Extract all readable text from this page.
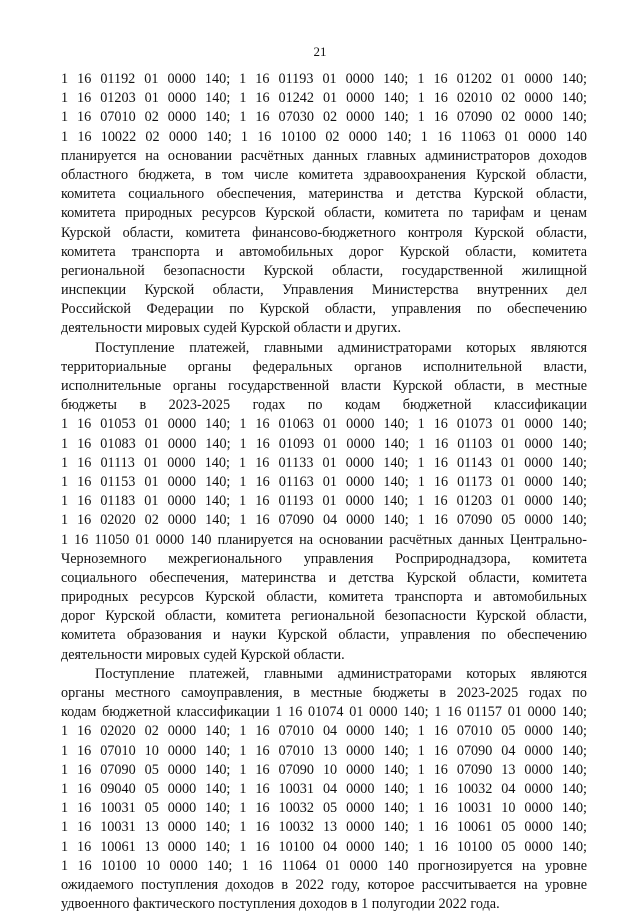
21
1 16 01192 01 0000 140; 1 16 01193 01 0000 140; 1 16 01202 01 0000 140;
1 16 01203 01 0000 140; 1 16 01242 01 0000 140; 1 16 02010 02 0000 140;
1 16 07010 02 0000 140; 1 16 07030 02 0000 140; 1 16 07090 02 0000 140;
1 16 10022 02 0000 140; 1 16 10100 02 0000 140; 1 16 11063 01 0000 140
планируется на основании расчётных данных главных администраторов доходов
областного бюджета, в том числе комитета здравоохранения Курской области,
комитета социального обеспечения, материнства и детства Курской области,
комитета природных ресурсов Курской области, комитета по тарифам и ценам
Курской области, комитета финансово-бюджетного контроля Курской области,
комитета транспорта и автомобильных дорог Курской области, комитета
региональной безопасности Курской области, государственной жилищной
инспекции Курской области, Управления Министерства внутренних дел
Российской Федерации по Курской области, управления по обеспечению
деятельности мировых судей Курской области и других.
Поступление платежей, главными администраторами которых являются
территориальные органы федеральных органов исполнительной власти,
исполнительные органы государственной власти Курской области, в местные
бюджеты в 2023-2025 годах по кодам бюджетной классификации
1 16 01053 01 0000 140; 1 16 01063 01 0000 140; 1 16 01073 01 0000 140;
1 16 01083 01 0000 140; 1 16 01093 01 0000 140; 1 16 01103 01 0000 140;
1 16 01113 01 0000 140; 1 16 01133 01 0000 140; 1 16 01143 01 0000 140;
1 16 01153 01 0000 140; 1 16 01163 01 0000 140; 1 16 01173 01 0000 140;
1 16 01183 01 0000 140; 1 16 01193 01 0000 140; 1 16 01203 01 0000 140;
1 16 02020 02 0000 140; 1 16 07090 04 0000 140; 1 16 07090 05 0000 140;
1 16 11050 01 0000 140 планируется на основании расчётных данных Центрально-
Черноземного межрегионального управления Росприроднадзора, комитета
социального обеспечения, материнства и детства Курской области, комитета
природных ресурсов Курской области, комитета транспорта и автомобильных
дорог Курской области, комитета региональной безопасности Курской области,
комитета образования и науки Курской области, управления по обеспечению
деятельности мировых судей Курской области.
Поступление платежей, главными администраторами которых являются
органы местного самоуправления, в местные бюджеты в 2023-2025 годах по
кодам бюджетной классификации 1 16 01074 01 0000 140; 1 16 01157 01 0000 140;
1 16 02020 02 0000 140; 1 16 07010 04 0000 140; 1 16 07010 05 0000 140;
1 16 07010 10 0000 140; 1 16 07010 13 0000 140; 1 16 07090 04 0000 140;
1 16 07090 05 0000 140; 1 16 07090 10 0000 140; 1 16 07090 13 0000 140;
1 16 09040 05 0000 140; 1 16 10031 04 0000 140; 1 16 10032 04 0000 140;
1 16 10031 05 0000 140; 1 16 10032 05 0000 140; 1 16 10031 10 0000 140;
1 16 10031 13 0000 140; 1 16 10032 13 0000 140; 1 16 10061 05 0000 140;
1 16 10061 13 0000 140; 1 16 10100 04 0000 140; 1 16 10100 05 0000 140;
1 16 10100 10 0000 140; 1 16 11064 01 0000 140 прогнозируется на уровне
ожидаемого поступления доходов в 2022 году, которое рассчитывается на уровне
удвоенного фактического поступления доходов в 1 полугодии 2022 года.
